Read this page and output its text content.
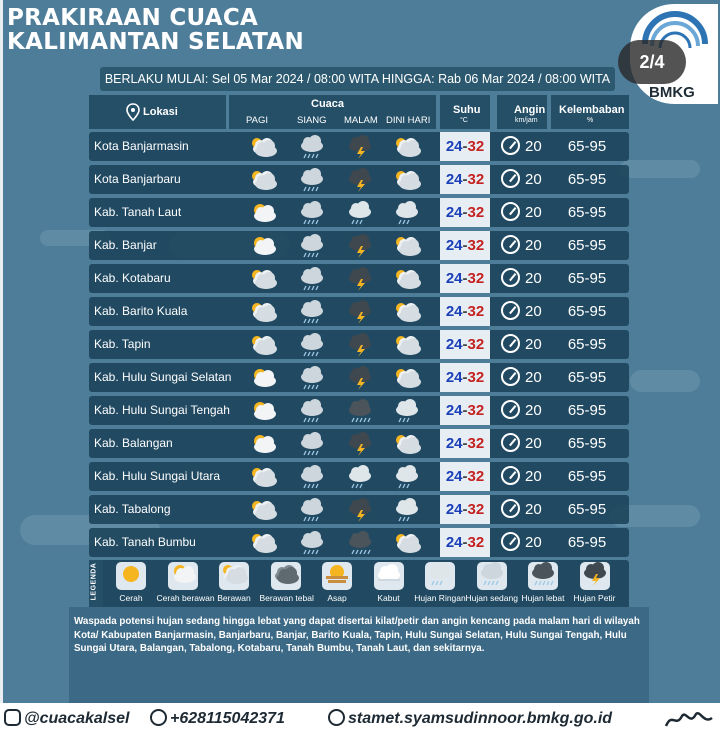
PRAKIRAAN CUACA
KALIMANTAN SELATAN
BMKG
2/4
BERLAKU MULAI: Sel 05 Mar 2024 / 08:00 WITA HINGGA: Rab 06 Mar 2024 / 08:00 WITA
Lokasi
Cuaca
PAGI	SIANG MALAM DINI HARI
Suhu
°C
Angin
km/jam
Kelembaban
%
Kota Banjarmasin	24-32	20	65-95
Kota Banjarbaru	24-32	20	65-95
Kab. Tanah Laut	24-32	20	65-95
Kab. Banjar	24-32	20	65-95
Kab. Kotabaru	24-32	20	65-95
Kab. Barito Kuala	24-32	20	65-95
Kab. Tapin	24-32	20	65-95
Kab. Hulu Sungai Selatan	24-32	20	65-95
Kab. Hulu Sungai Tengah	24-32	20	65-95
Kab. Balangan	24-32	20	65-95
Kab. Hulu Sungai Utara	24-32	20	65-95
Kab. Tabalong	24-32	20	65-95
Kab. Tanah Bumbu	24-32	20	65-95
LEGENDA	Cerah	Cerah berawan Berawan	Berawan tebal	Asap	Kabut	Hujan Ringan Hujan sedang Hujan lebat	Hujan Petir
Waspada potensi hujan sedang hingga lebat yang dapat disertai kilat/petir dan angin kencang pada malam hari di wilayah Kota/ Kabupaten Banjarmasin, Banjarbaru, Banjar, Barito Kuala, Tapin, Hulu Sungai Selatan, Hulu Sungai Tengah, Hulu Sungai Utara, Balangan, Tabalong, Kotabaru, Tanah Bumbu, Tanah Laut, dan sekitarnya.
@cuacakalsel	+628115042371	stamet.syamsudinnoor.bmkg.go.id
